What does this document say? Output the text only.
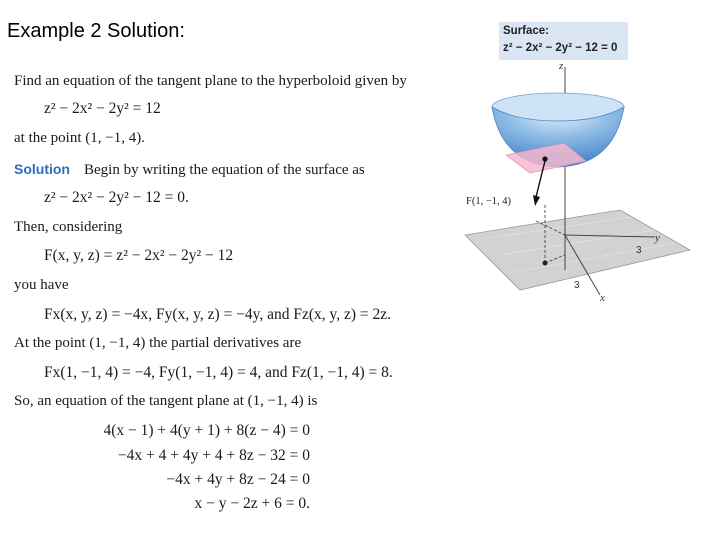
Example 2 Solution:
Find an equation of the tangent plane to the hyperboloid given by
z² − 2x² − 2y² = 12
at the point (1, −1, 4).
Solution Begin by writing the equation of the surface as
z² − 2x² − 2y² − 12 = 0.
Then, considering
F(x, y, z) = z² − 2x² − 2y² − 12
you have
Fx(x, y, z) = −4x, Fy(x, y, z) = −4y, and Fz(x, y, z) = 2z.
At the point (1, −1, 4) the partial derivatives are
Fx(1, −1, 4) = −4, Fy(1, −1, 4) = 4, and Fz(1, −1, 4) = 8.
So, an equation of the tangent plane at (1, −1, 4) is
4(x − 1) + 4(y + 1) + 8(z − 4) = 0
−4x + 4 + 4y + 4 + 8z − 32 = 0
−4x + 4y + 8z − 24 = 0
x − y − 2z + 6 = 0.
Surface:
z² − 2x² − 2y² − 12 = 0
z
y
3
x
3
F(1, −1, 4)
